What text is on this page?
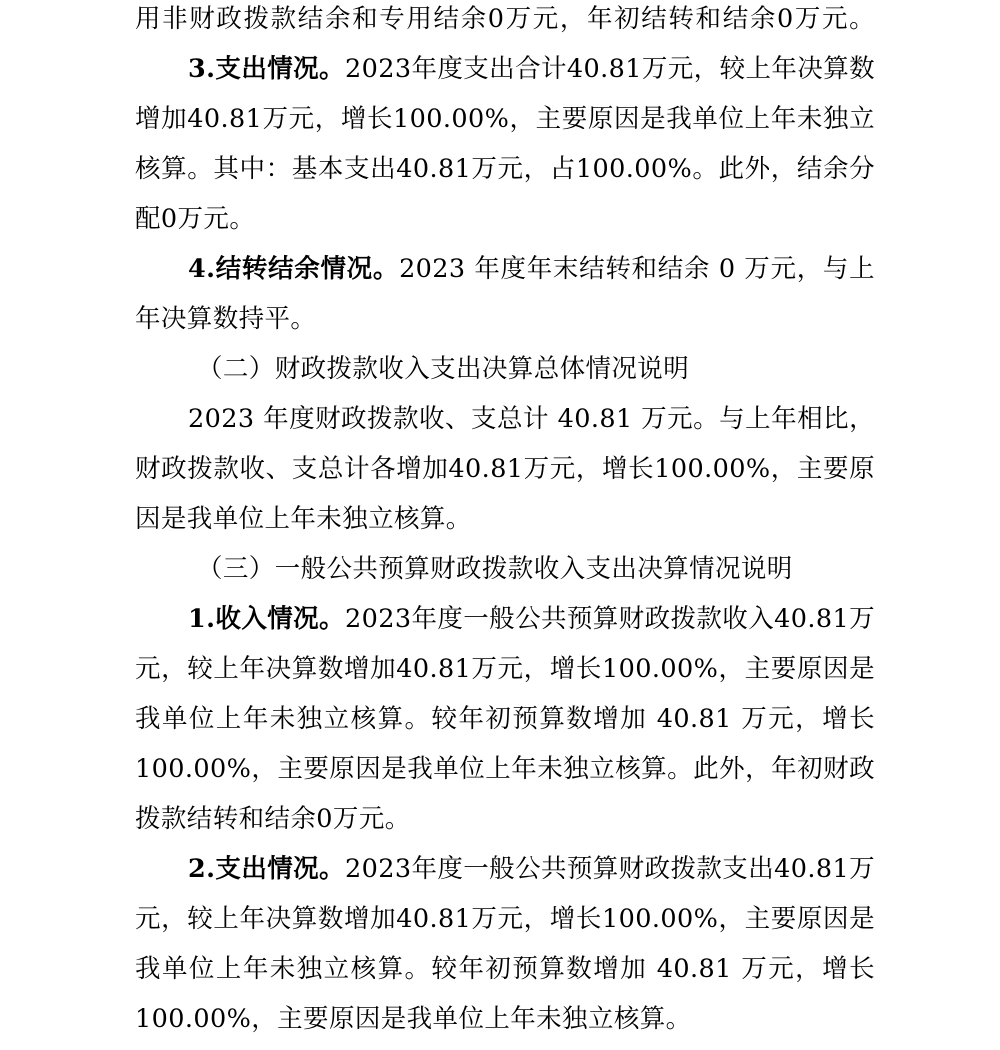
用非财政拨款结余和专用结余0万元，年初结转和结余0万元。
3.支出情况。2023年度支出合计40.81万元，较上年决算数
增加40.81万元，增长100.00%，主要原因是我单位上年未独立
核算。其中：基本支出40.81万元，占100.00%。此外，结余分
配0万元。
4.结转结余情况。2023 年度年末结转和结余 0 万元，与上
年决算数持平。
（二）财政拨款收入支出决算总体情况说明
2023 年度财政拨款收、支总计 40.81 万元。与上年相比，
财政拨款收、支总计各增加40.81万元，增长100.00%，主要原
因是我单位上年未独立核算。
（三）一般公共预算财政拨款收入支出决算情况说明
1.收入情况。2023年度一般公共预算财政拨款收入40.81万
元，较上年决算数增加40.81万元，增长100.00%，主要原因是
我单位上年未独立核算。较年初预算数增加 40.81 万元，增长
100.00%，主要原因是我单位上年未独立核算。此外，年初财政
拨款结转和结余0万元。
2.支出情况。2023年度一般公共预算财政拨款支出40.81万
元，较上年决算数增加40.81万元，增长100.00%，主要原因是
我单位上年未独立核算。较年初预算数增加 40.81 万元，增长
100.00%，主要原因是我单位上年未独立核算。
